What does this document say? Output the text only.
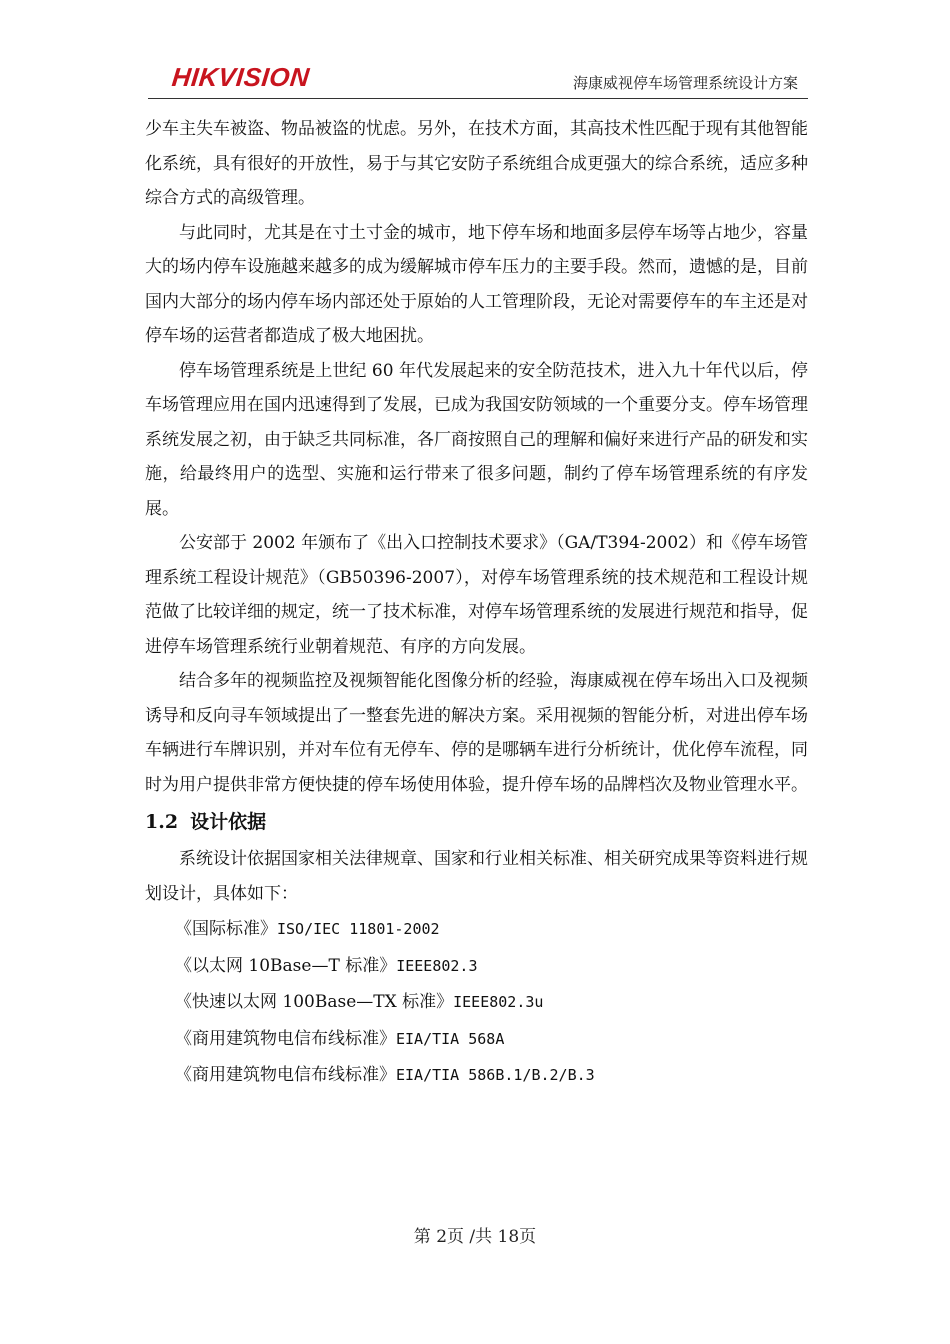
HIKVISION	海康威视停车场管理系统设计方案

少车主失车被盗、物品被盗的忧虑。另外，在技术方面，其高技术性匹配于现有其他智能化系统，具有很好的开放性，易于与其它安防子系统组合成更强大的综合系统，适应多种综合方式的高级管理。

与此同时，尤其是在寸土寸金的城市，地下停车场和地面多层停车场等占地少，容量大的场内停车设施越来越多的成为缓解城市停车压力的主要手段。然而，遗憾的是，目前国内大部分的场内停车场内部还处于原始的人工管理阶段，无论对需要停车的车主还是对停车场的运营者都造成了极大地困扰。

停车场管理系统是上世纪 60 年代发展起来的安全防范技术，进入九十年代以后，停车场管理应用在国内迅速得到了发展，已成为我国安防领域的一个重要分支。停车场管理系统发展之初，由于缺乏共同标准，各厂商按照自己的理解和偏好来进行产品的研发和实施，给最终用户的选型、实施和运行带来了很多问题，制约了停车场管理系统的有序发展。

公安部于 2002 年颁布了《出入口控制技术要求》（GA/T394-2002）和《停车场管理系统工程设计规范》（GB50396-2007），对停车场管理系统的技术规范和工程设计规范做了比较详细的规定，统一了技术标准，对停车场管理系统的发展进行规范和指导，促进停车场管理系统行业朝着规范、有序的方向发展。

结合多年的视频监控及视频智能化图像分析的经验，海康威视在停车场出入口及视频诱导和反向寻车领域提出了一整套先进的解决方案。采用视频的智能分析，对进出停车场车辆进行车牌识别，并对车位有无停车、停的是哪辆车进行分析统计，优化停车流程，同时为用户提供非常方便快捷的停车场使用体验，提升停车场的品牌档次及物业管理水平。

1.2 设计依据

系统设计依据国家相关法律规章、国家和行业相关标准、相关研究成果等资料进行规划设计，具体如下：

《国际标准》ISO/IEC 11801-2002

《以太网 10Base—T 标准》IEEE802.3

《快速以太网 100Base—TX 标准》IEEE802.3u

《商用建筑物电信布线标准》EIA/TIA 568A

《商用建筑物电信布线标准》EIA/TIA 586B.1/B.2/B.3

第 2页 /共 18页
